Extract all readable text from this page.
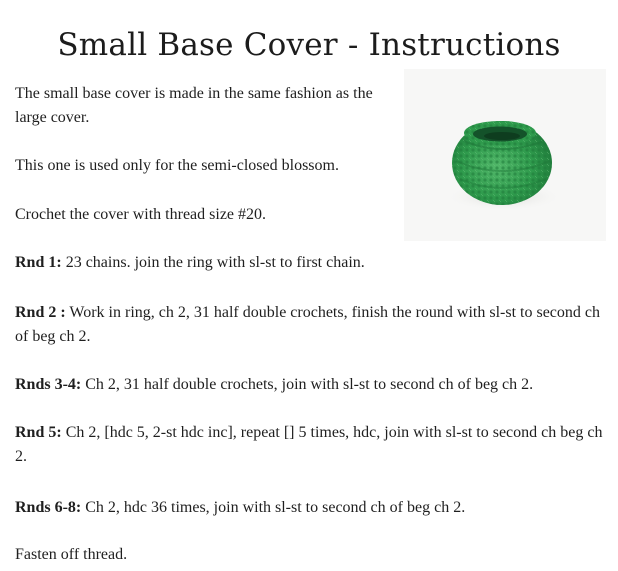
Small Base Cover - Instructions

The small base cover is made in the same fashion as the large cover.

This one is used only for the semi-closed blossom.

Crochet the cover with thread size #20.

Rnd 1: 23 chains. join the ring with sl-st to first chain.

Rnd 2 : Work in ring, ch 2, 31 half double crochets, finish the round with sl-st to second ch of beg ch 2.

Rnds 3-4: Ch 2, 31 half double crochets, join with sl-st to second ch of beg ch 2.

Rnd 5: Ch 2, [hdc 5, 2-st hdc inc], repeat [] 5 times, hdc, join with sl-st to second ch beg ch 2.

Rnds 6-8: Ch 2, hdc 36 times, join with sl-st to second ch of beg ch 2.

Fasten off thread.
